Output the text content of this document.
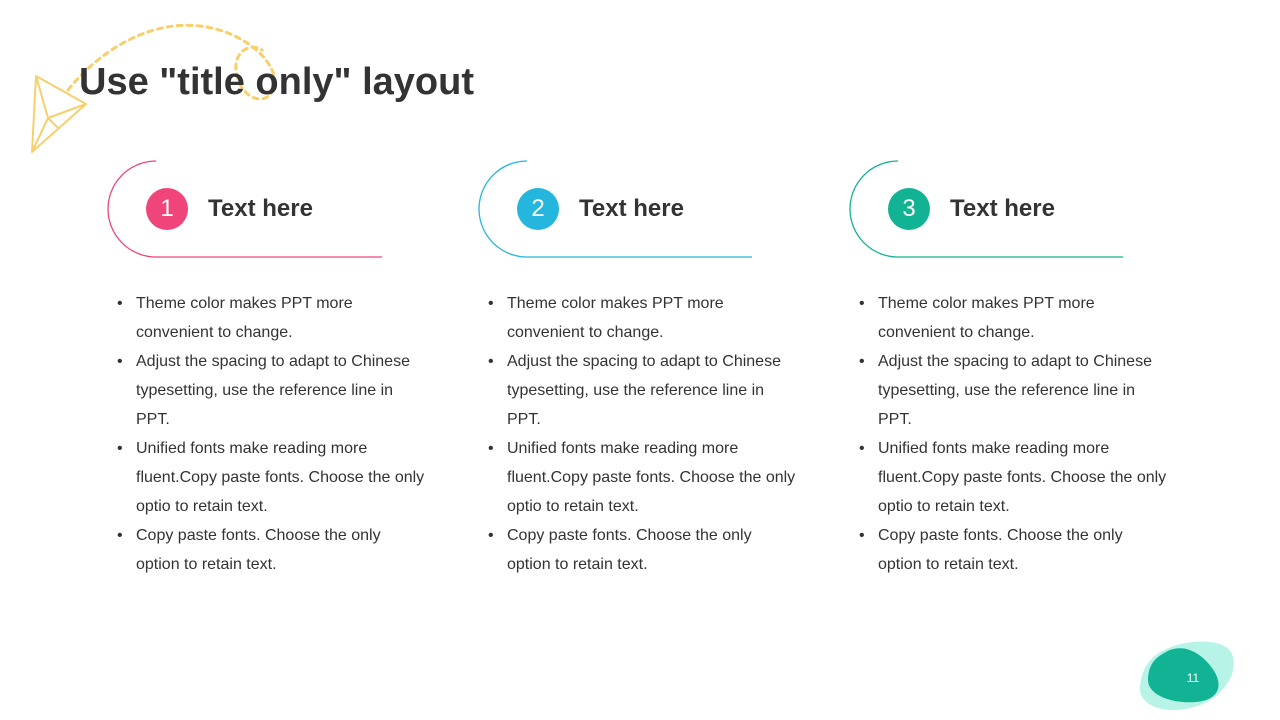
Use "title only" layout
1 Text here
• Theme color makes PPT more convenient to change.
• Adjust the spacing to adapt to Chinese typesetting, use the reference line in PPT.
• Unified fonts make reading more fluent.Copy paste fonts. Choose the only optio to retain text.
• Copy paste fonts. Choose the only option to retain text.
2 Text here
• Theme color makes PPT more convenient to change.
• Adjust the spacing to adapt to Chinese typesetting, use the reference line in PPT.
• Unified fonts make reading more fluent.Copy paste fonts. Choose the only optio to retain text.
• Copy paste fonts. Choose the only option to retain text.
3 Text here
• Theme color makes PPT more convenient to change.
• Adjust the spacing to adapt to Chinese typesetting, use the reference line in PPT.
• Unified fonts make reading more fluent.Copy paste fonts. Choose the only optio to retain text.
• Copy paste fonts. Choose the only option to retain text.
11
